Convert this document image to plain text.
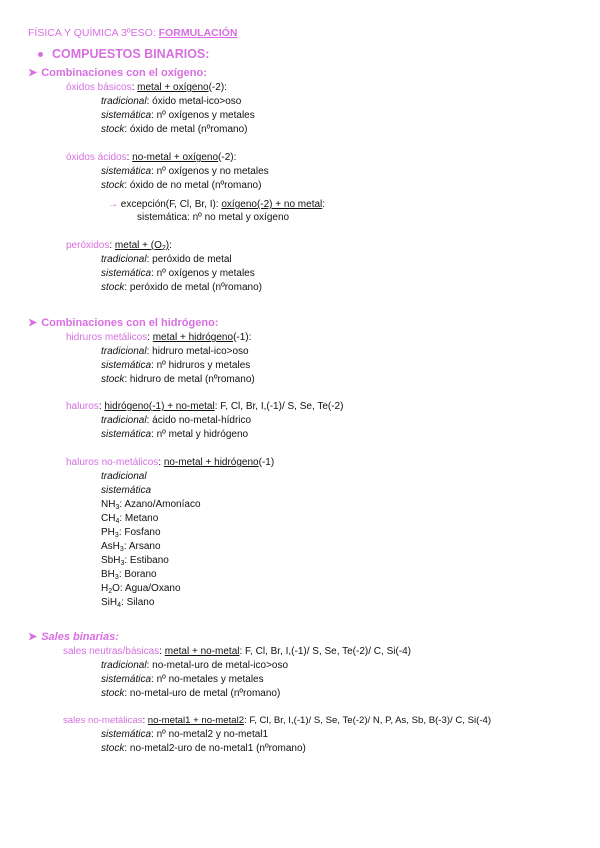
FÍSICA Y QUÍMICA 3ºESO: FORMULACIÓN
COMPUESTOS BINARIOS:
➤ Combinaciones con el oxígeno:
óxidos básicos: metal + oxígeno(-2):
tradicional: óxido metal-ico>oso
sistemática: nº oxígenos y metales
stock: óxido de metal (nºromano)
óxidos ácidos: no-metal + oxígeno(-2):
sistemática: nº oxígenos y no metales
stock: óxido de no metal (nºromano)
→ excepción(F, Cl, Br, I): oxígeno(-2) + no metal:
sistemática: nº no metal y oxígeno
peróxidos: metal + $(O_2)$:
tradicional: peróxido de metal
sistemática: nº oxígenos y metales
stock: peróxido de metal (nºromano)
➤ Combinaciones con el hidrógeno:
hidruros metálicos: metal + hidrógeno(-1):
tradicional: hidruro metal-ico>oso
sistemática: nº hidruros y metales
stock: hidruro de metal (nºromano)
haluros: hidrógeno(-1) + no-metal: F, Cl, Br, I,(-1)/ S, Se, Te(-2)
tradicional: ácido no-metal-hídrico
sistemática: nº metal y hidrógeno
haluros no-metálicos: no-metal + hidrógeno(-1)
tradicional
sistemática
$NH_3$: Azano/Amoníaco
$CH_4$: Metano
$PH_3$: Fosfano
AsH$_3$: Arsano
SbH$_3$: Estibano
$BH_3$: Borano
$H_2O$: Agua/Oxano
SiH$_4$: Silano
➤ Sales binarias:
sales neutras/básicas: metal + no-metal: F, Cl, Br, I,(-1)/ S, Se, Te(-2)/ C, Si(-4)
tradicional: no-metal-uro de metal-ico>oso
sistemática: nº no-metales y metales
stock: no-metal-uro de metal (nºromano)
sales no-metálicas: no-metal1 + no-metal2: F, Cl, Br, I,(-1)/ S, Se, Te(-2)/ N, P, As, Sb, B(-3)/ C, Si(-4)
sistemática: nº no-metal2 y no-metal1
stock: no-metal2-uro de no-metal1 (nºromano)
